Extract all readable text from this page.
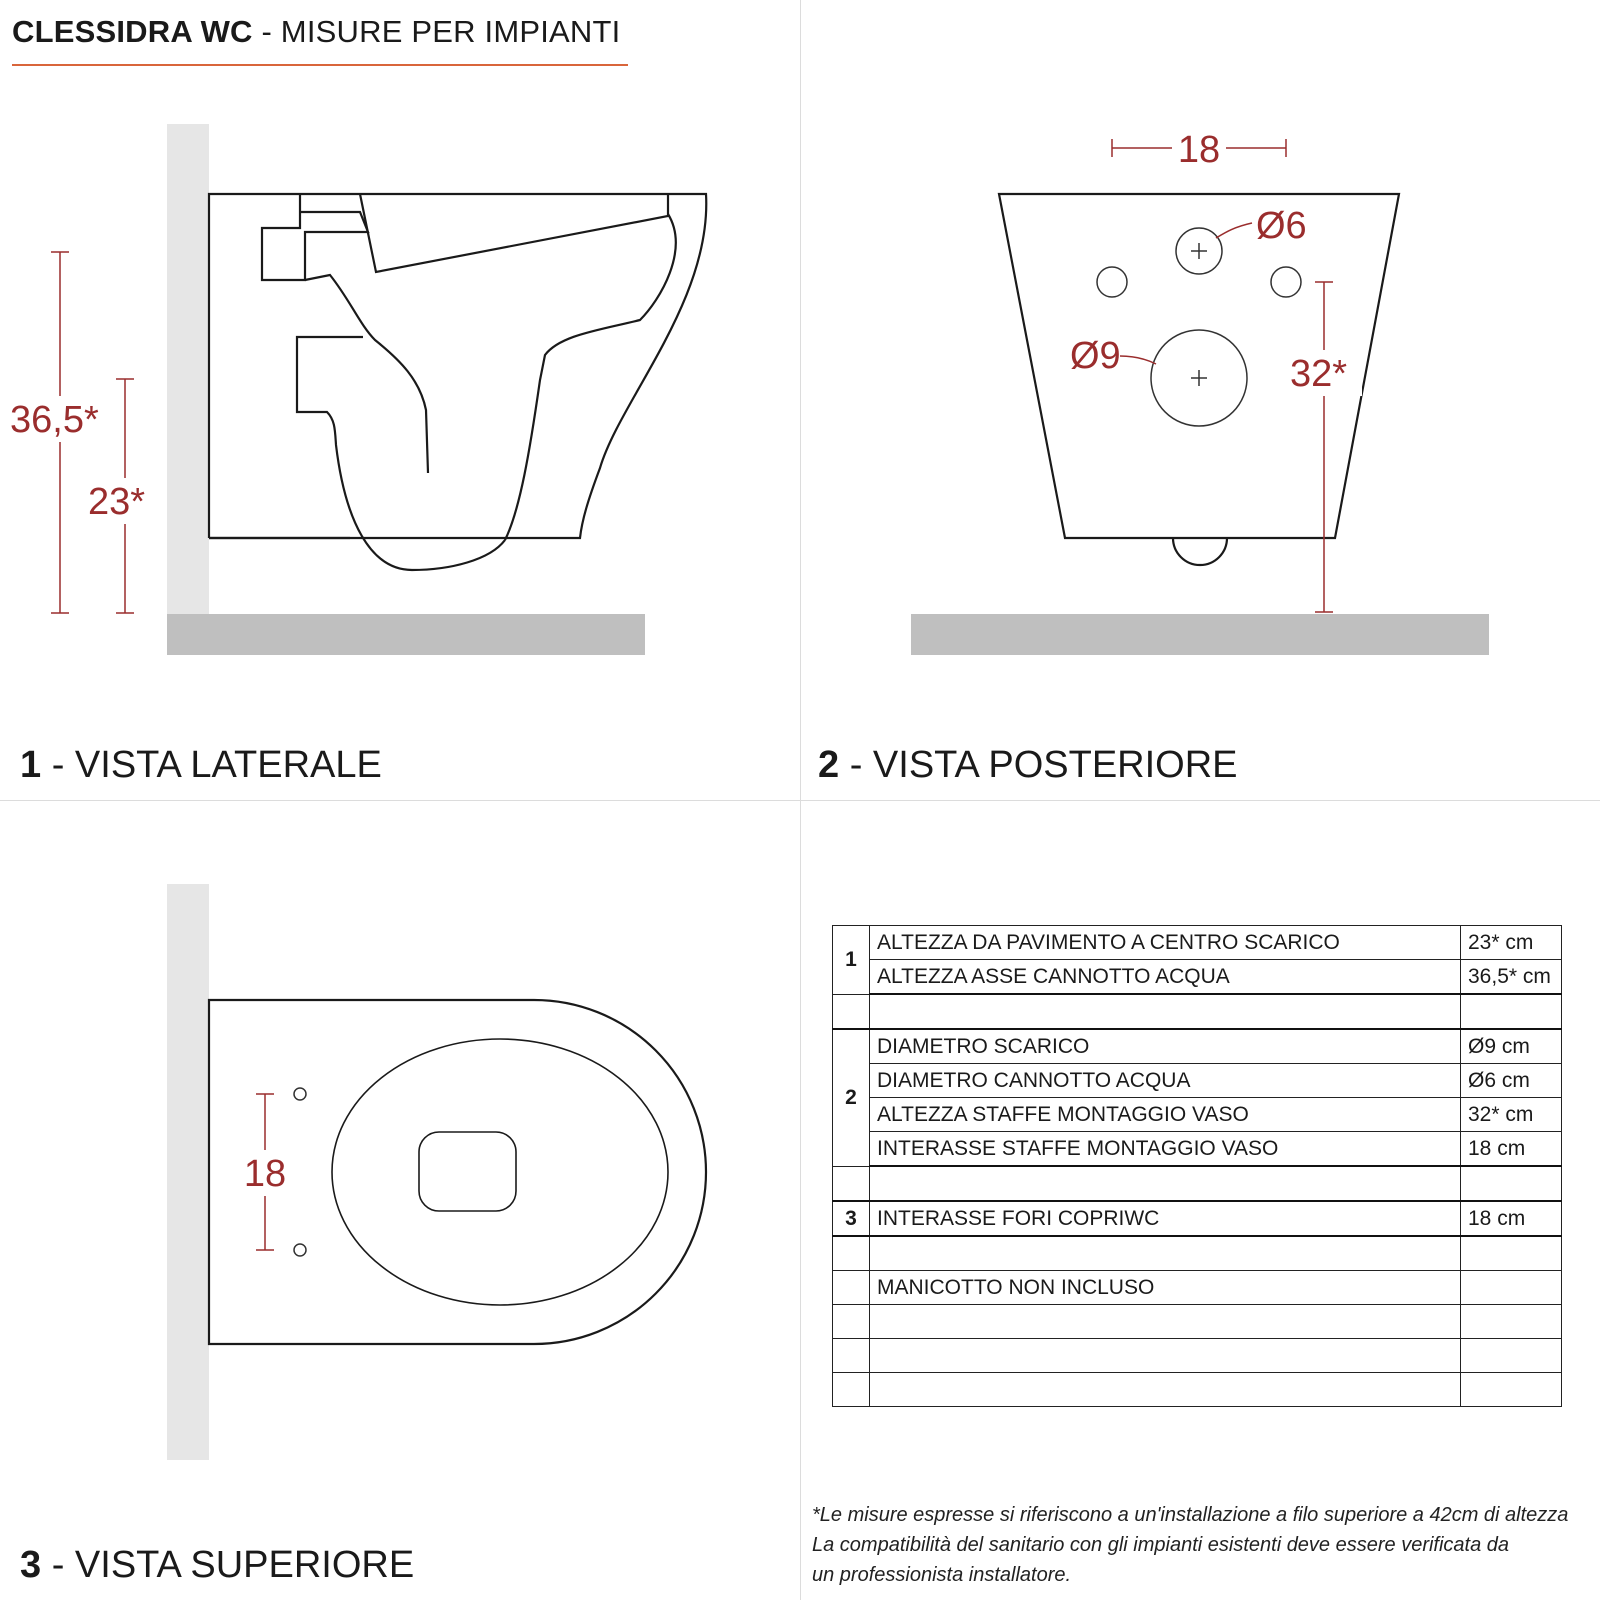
CLESSIDRA WC - MISURE PER IMPIANTI
36,5*
23*
18
Ø6
Ø9	32*
1 - VISTA LATERALE	2 - VISTA POSTERIORE
18
3 - VISTA SUPERIORE
1	ALTEZZA DA PAVIMENTO A CENTRO SCARICO	23* cm
	ALTEZZA ASSE CANNOTTO ACQUA	36,5* cm

2	DIAMETRO SCARICO	Ø9 cm
	DIAMETRO CANNOTTO ACQUA	Ø6 cm
	ALTEZZA STAFFE MONTAGGIO VASO	32* cm
	INTERASSE STAFFE MONTAGGIO VASO	18 cm

3	INTERASSE FORI COPRIWC	18 cm

	MANICOTTO NON INCLUSO	

*Le misure espresse si riferiscono a un'installazione a filo superiore a 42cm di altezza
La compatibilità del sanitario con gli impianti esistenti deve essere verificata da
un professionista installatore.
